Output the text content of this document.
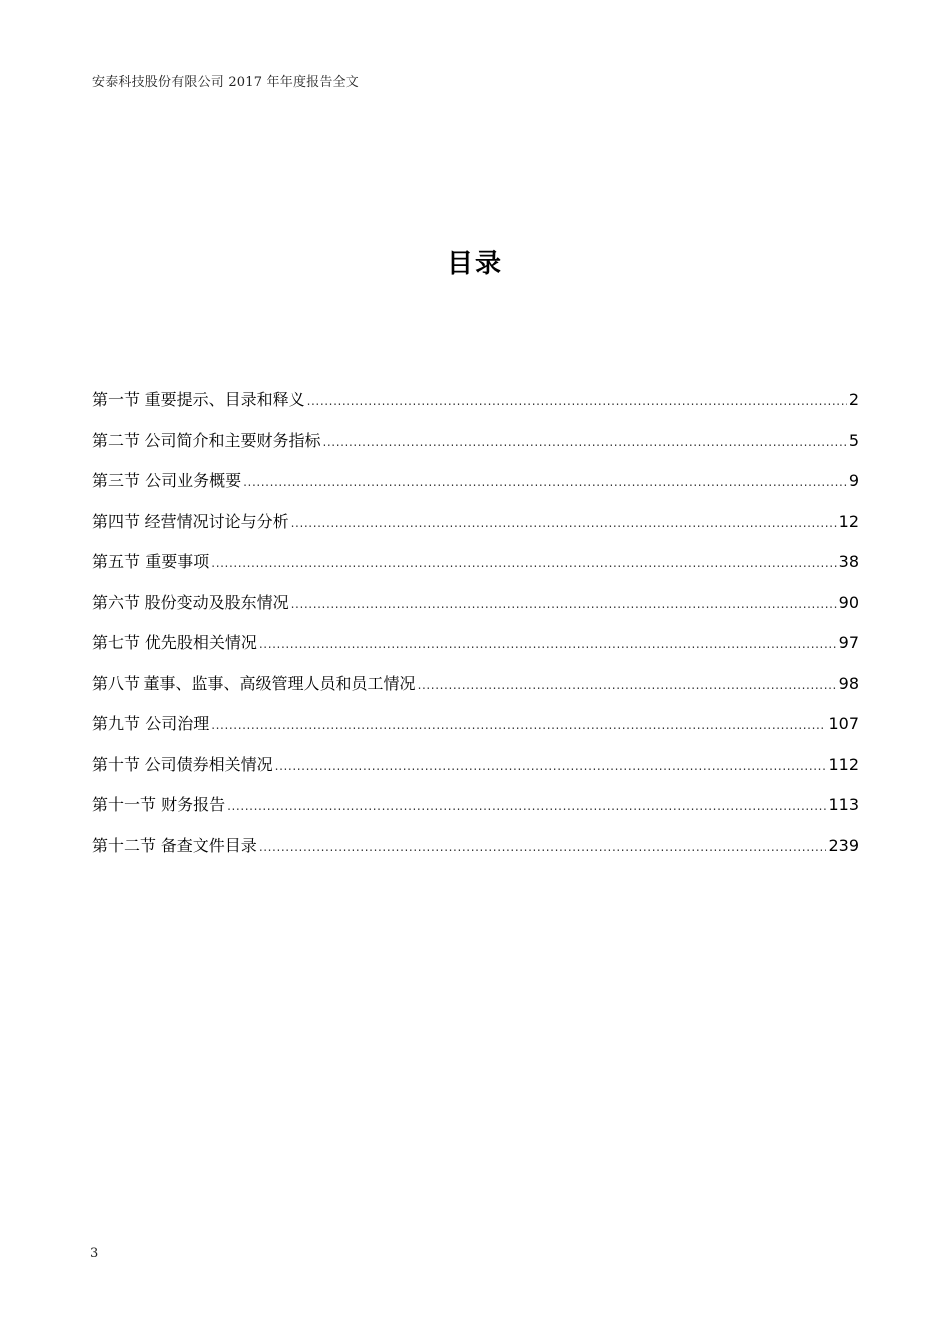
安泰科技股份有限公司 2017 年年度报告全文
目录
第一节 重要提示、目录和释义 .....	2
第二节 公司简介和主要财务指标 .....	5
第三节 公司业务概要 .....	9
第四节 经营情况讨论与分析 .....	12
第五节 重要事项 .....	38
第六节 股份变动及股东情况 .....	90
第七节 优先股相关情况 .....	97
第八节 董事、监事、高级管理人员和员工情况 .....	98
第九节 公司治理 .....	107
第十节 公司债券相关情况 .....	112
第十一节 财务报告 .....	113
第十二节 备查文件目录 .....	239
3
